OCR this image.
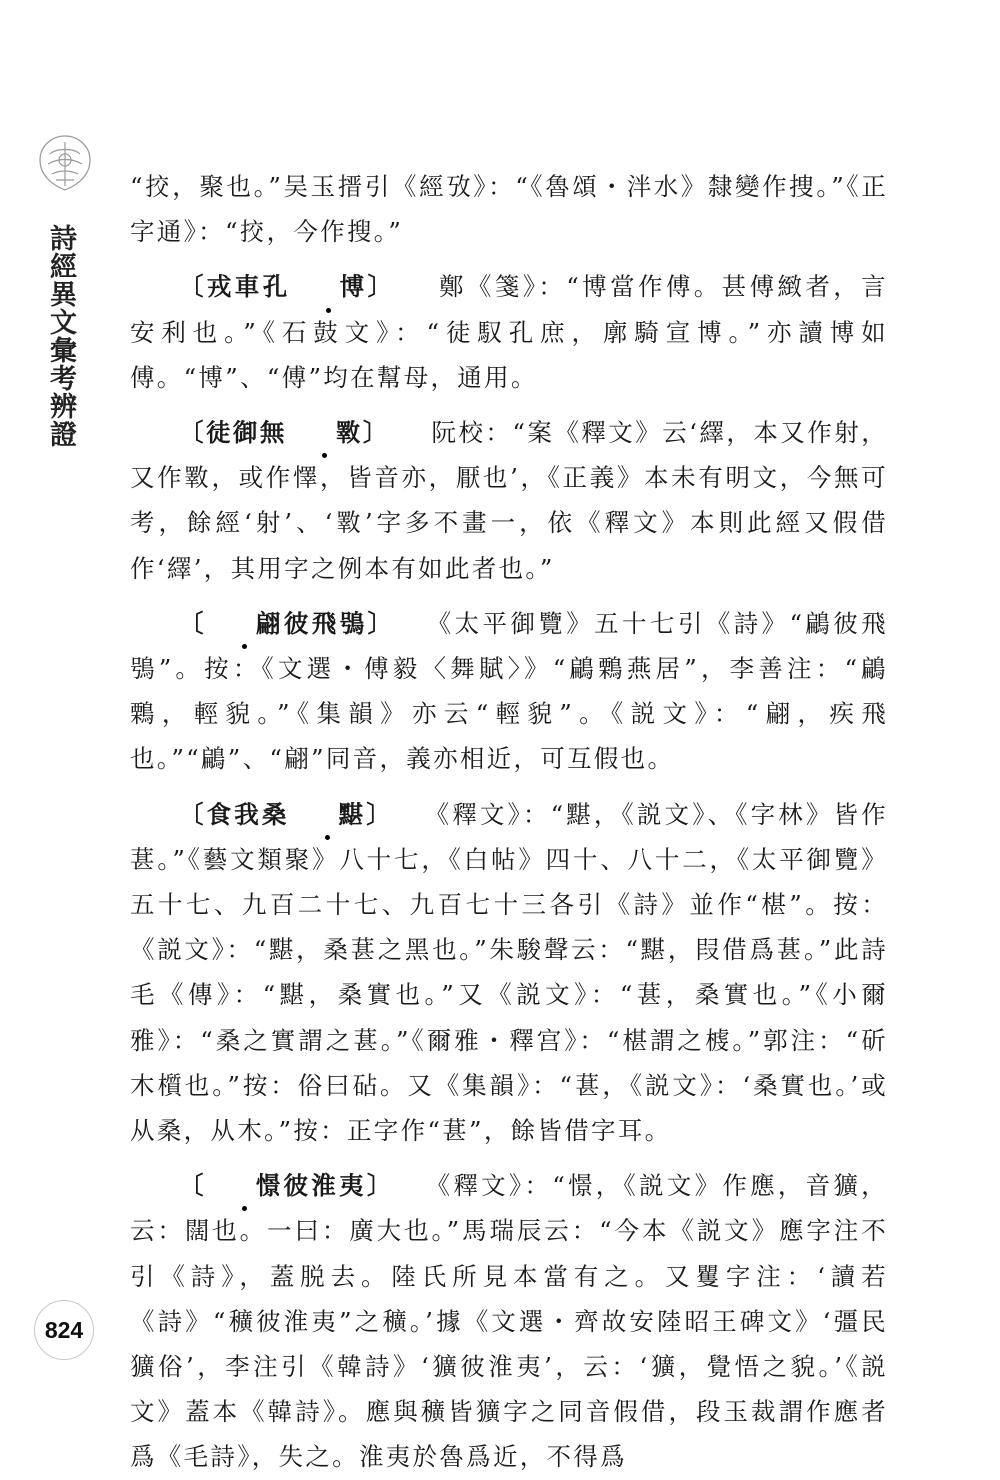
詩經異文彙考辨證
824

“挍，聚也。”吴玉搢引《經攷》：“《魯頌・泮水》隸變作捜。”《正字通》：“挍，今作搜。”

〔戎車孔 博〕　　鄭《箋》：“博當作傅。甚傅緻者，言安利也。”《石鼓文》：“徒馭孔庶，廓騎宣博。”亦讀博如傅。“博”、“傅”均在幫母，通用。

〔徒御無 斁〕　　阮校：“案《釋文》云‘繹，本又作射，又作斁，或作懌，皆音亦，厭也’，《正義》本未有明文，今無可考，餘經‘射’、‘斁’字多不畫一，依《釋文》本則此經又假借作‘繹’，其用字之例本有如此者也。”

〔 翩彼飛鴞〕　　《太平御覽》五十七引《詩》“鶣彼飛鴞”。按：《文選・傅毅〈舞賦〉》“鶣鷅燕居”，李善注：“鶣鷅，輕貌。”《集韻》亦云“輕貌”。《説文》：“翩，疾飛也。”“鶣”、“翩”同音，義亦相近，可互假也。

〔食我桑 黮〕　　《釋文》：“黮，《説文》、《字林》皆作葚。”《藝文類聚》八十七，《白帖》四十、八十二，《太平御覽》五十七、九百二十七、九百七十三各引《詩》並作“椹”。按：《説文》：“黮，桑葚之黑也。”朱駿聲云：“黮，叚借爲葚。”此詩毛《傳》：“黮，桑實也。”又《説文》：“葚，桑實也。”《小爾雅》：“桑之實謂之葚。”《爾雅・釋宫》：“椹謂之榩。”郭注：“斫木櫍也。”按：俗曰砧。又《集韻》：“葚，《説文》：‘桑實也。’或从桑，从木。”按：正字作“葚”，餘皆借字耳。

〔 憬彼淮夷〕　　《釋文》：“憬，《説文》作應，音獷，云：闊也。一曰：廣大也。”馬瑞辰云：“今本《説文》應字注不引《詩》，蓋脱去。陸氏所見本當有之。又矍字注：‘讀若《詩》“穬彼淮夷”之穬。’據《文選・齊故安陸昭王碑文》‘彊民獷俗’，李注引《韓詩》‘獷彼淮夷’，云：‘獷，覺悟之貌。’《説文》蓋本《韓詩》。應與穬皆獷字之同音假借，段玉裁謂作應者爲《毛詩》，失之。淮夷於魯爲近，不得爲
